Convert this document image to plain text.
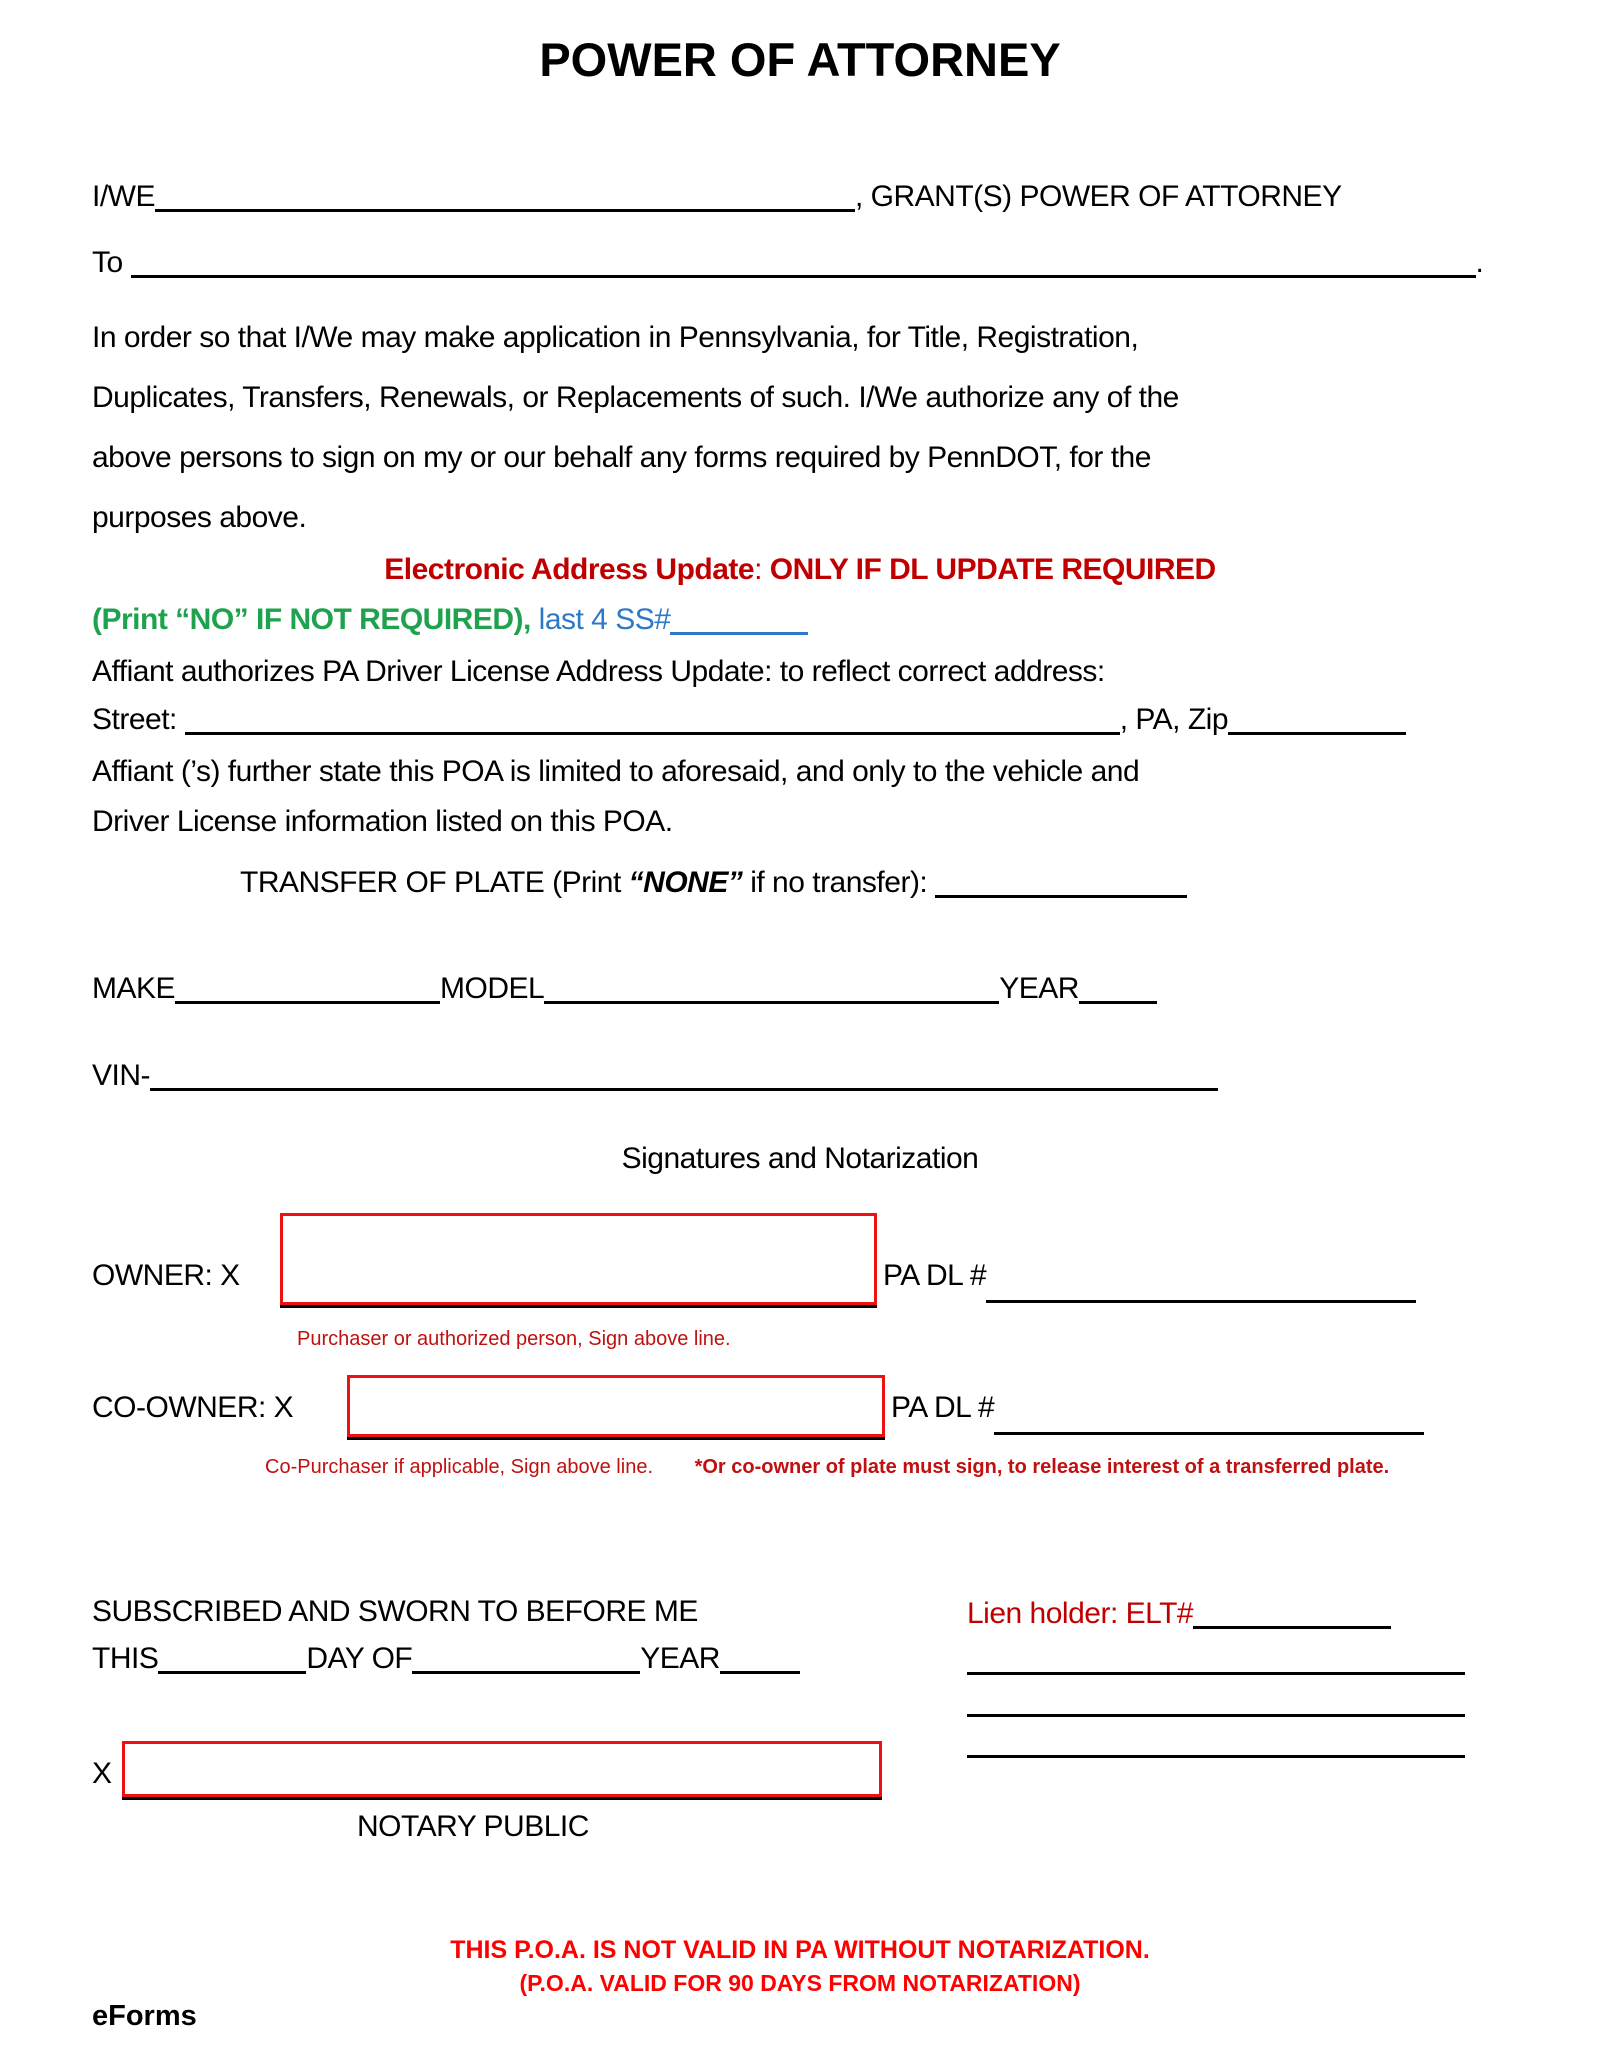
POWER OF ATTORNEY
I/WE	, GRANT(S) POWER OF ATTORNEY
To	.
In order so that I/We may make application in Pennsylvania, for Title, Registration,
Duplicates, Transfers, Renewals, or Replacements of such. I/We authorize any of the
above persons to sign on my or our behalf any forms required by PennDOT, for the
purposes above.
Electronic Address Update: ONLY IF DL UPDATE REQUIRED
(Print “NO” IF NOT REQUIRED), last 4 SS#
Affiant authorizes PA Driver License Address Update: to reflect correct address:
Street:	, PA, Zip
Affiant (’s) further state this POA is limited to aforesaid, and only to the vehicle and
Driver License information listed on this POA.
TRANSFER OF PLATE (Print “NONE” if no transfer):
MAKE	MODEL	YEAR
VIN-
Signatures and Notarization
OWNER: X	PA DL #
Purchaser or authorized person, Sign above line.
CO-OWNER: X	PA DL #
Co-Purchaser if applicable, Sign above line. *Or co-owner of plate must sign, to release interest of a transferred plate.
SUBSCRIBED AND SWORN TO BEFORE ME
THIS	DAY OF	YEAR
X
NOTARY PUBLIC
Lien holder: ELT#
THIS P.O.A. IS NOT VALID IN PA WITHOUT NOTARIZATION.
(P.O.A. VALID FOR 90 DAYS FROM NOTARIZATION)
eForms
